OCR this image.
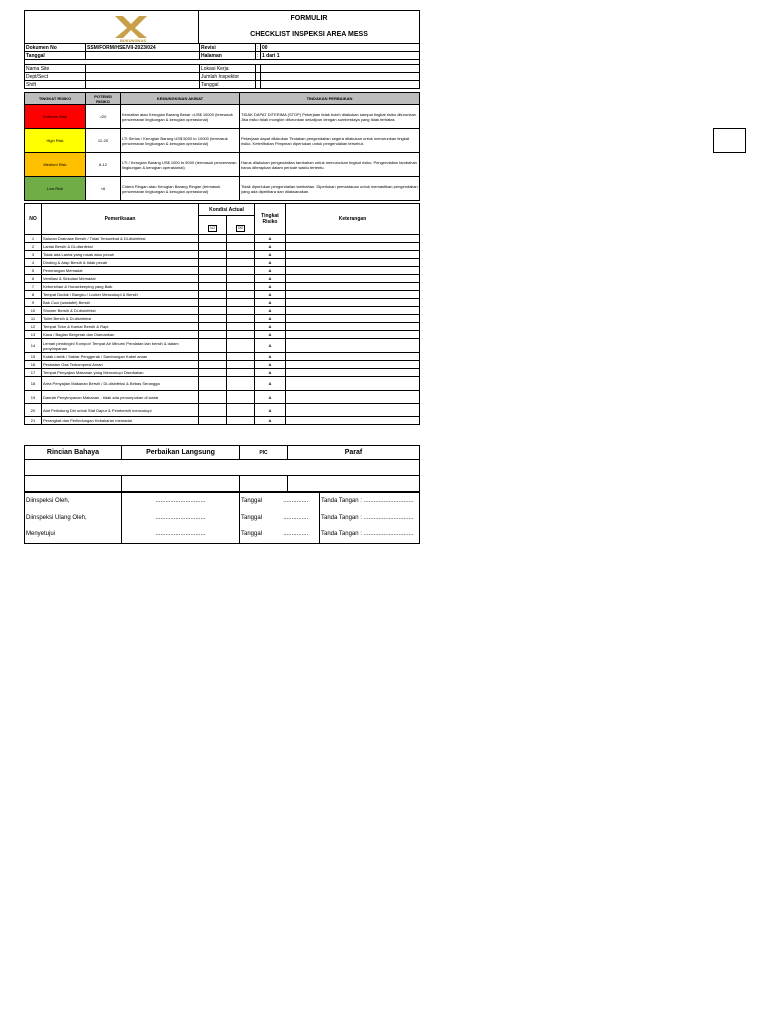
BUKUNGNAS
FORMULIR
CHECKLIST INSPEKSI AREA MESS
Dokumen No	SSM/FORM/HSE/VII-2023/024	Revisi	:	00
Tanggal		Halaman	:	1 dari 1

Nama Site		Lokasi Kerja		
Dept/Sect		Jumlah Inspektor		
Shift		Tanggal		
TINGKAT RISIKO	POTENSI RISIKO	KEMUNGKINAN AKIBAT	TINDAKAN PERBAIKAN
Extreme Risk	>20	Kematian atau Kerugian Barang Besar >US$ 10000 (termasuk pencemaran lingkungan & kerugian operasional)	TIDAK DAPAT DITERIMA (STOP) Pekerjaan tidak boleh dilakukan sampai tingkat risiko diturunkan. Jika risiko tidak mungkin diturunkan sekalipun dengan sumberdaya yang tidak terbatas
High Risk	12-20	LTI Serius / Kerugian Barang US$ 5000 to 10000 (termasuk pencemaran lingkungan & kerugian operasional)	Pekerjaan dapat dilakukan Tindakan pengendalian segera dilakukan untuk menurunkan tingkat risiko. Keterlibatan Pimpinan diperlukan untuk pengendalian tersebut.
Medium Risk	6-12	LTI / Kerugian Barang US$ 1000 to 5000 (termasuk pencemaran lingkungan & kerugian operasional)	Harus dilakukan pengendalian tambahan untuk menurunkan tingkat risiko. Pengendalian tambahan harus diterapkan dalam periode waktu tertentu.
Low Risk	<6	Cidera Ringan atau Kerugian Barang Ringan (termasuk pencemaran lingkungan & kerugian operasional)	Tidak diperlukan pengendalian tambahan. Diperlukan pemantauan untuk memastikan pengendalian yang ada dipelihara dan dilaksanakan.
NO	Pemeriksaan	Kondisi Actual		Tingkat Risiko	Keterangan
		☑	☒		
1	Saluran Drainase Bersih / Tidak Tersumbat & Di-disinfeksi			A	
2	Lantai Bersih & Di-disinfeksi			A	
3	Tidak ada Lantai yang rusak atau pecah			A	
4	Dinding & Atap Bersih & tidak pecah			A	
5	Penerangan Memadai			A	
6	Ventilasi & Sirkulasi Memadai			A	
7	Kebersihan & Housekeeping yang Baik			A	
8	Tempat Duduk / Bangku / Locker Mencukupi & Bersih			A	
9	Bak Cuci (wastafel) Bersih			A	
10	Shower Bersih & Di-disinfeksi			A	
11	Toilet Bersih & Di-disinfeksi			A	
12	Tempat Tidur & Kamar Bersih & Rapi			A	
13	Kaca / Bagian Bergerak dan Diamankan			A	
14	Lemari pendingin/ Kompor/ Tempat Air Minum/ Peralatan lain bersih & dalam penyimpanan			A	
15	Kotak Listrik / Saklar Penggerak / Sambungan Kabel aman			A	
16	Peralatan Gas Terkompresi Aman			A	
17	Tempat Penyajian Makanan yang Mencukupi Disediakan			A	
18	Area Penyajian Makanan Bersih / Di-disinfeksi & Bebas Serangga			A	
19	Daerah Penyimpanan Makanan - tidak ada penumpukan di lantai			A	
20	Alat Pelindung Diri untuk Staf Dapur & Pembersih mencukupi			A	
21	Perangkat dan Perlindungan Kebakaran memadai			A	
Rincian Bahaya	Perbaikan Langsung	PIC	Paraf

Diinspeksi Oleh,	..............................	Tanggal	...............	Tanda Tangan : ..............................
Diinspeksi Ulang Oleh,	..............................	Tanggal	...............	Tanda Tangan : ..............................
Menyetujui	..............................	Tanggal	...............	Tanda Tangan : ..............................
